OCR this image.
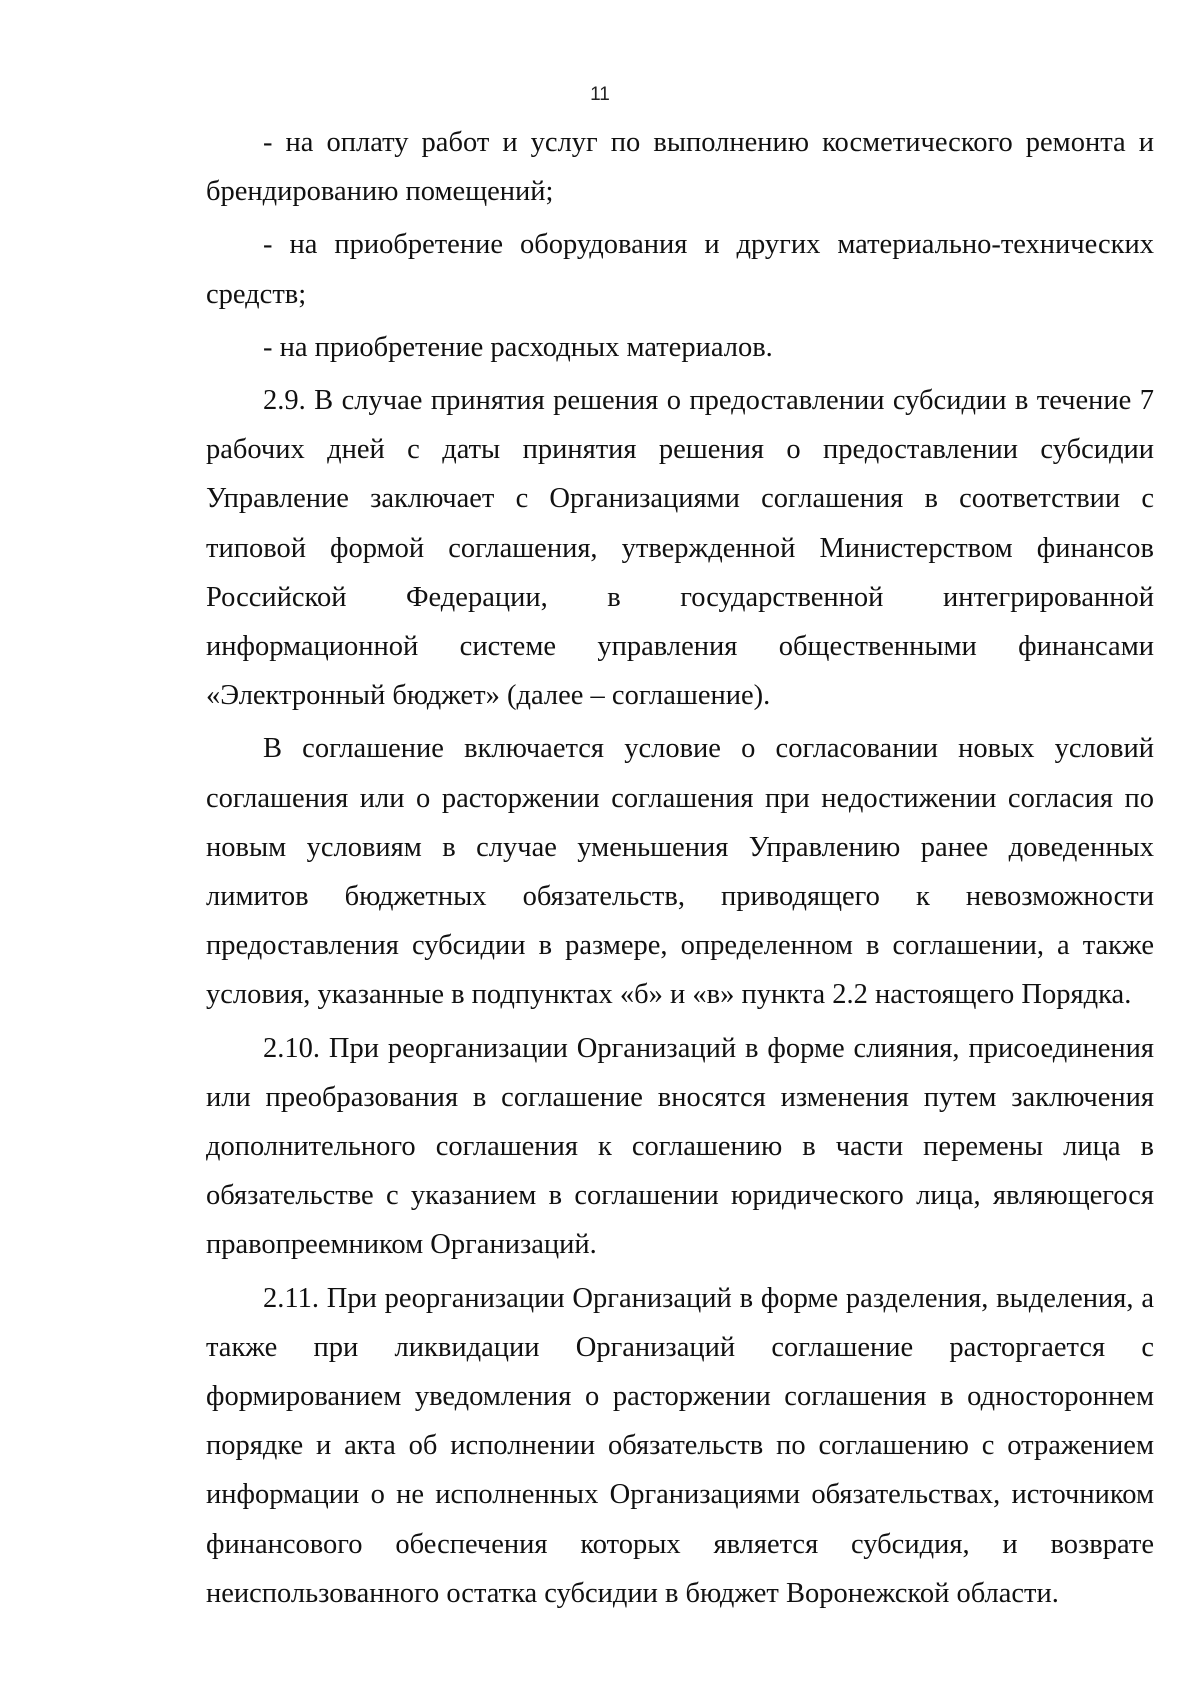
11

- на оплату работ и услуг по выполнению косметического ремонта и брендированию помещений;

- на приобретение оборудования и других материально-технических средств;

- на приобретение расходных материалов.

2.9. В случае принятия решения о предоставлении субсидии в течение 7 рабочих дней с даты принятия решения о предоставлении субсидии Управление заключает с Организациями соглашения в соответствии с типовой формой соглашения, утвержденной Министерством финансов Российской Федерации, в государственной интегрированной информационной системе управления общественными финансами «Электронный бюджет» (далее – соглашение).

В соглашение включается условие о согласовании новых условий соглашения или о расторжении соглашения при недостижении согласия по новым условиям в случае уменьшения Управлению ранее доведенных лимитов бюджетных обязательств, приводящего к невозможности предоставления субсидии в размере, определенном в соглашении, а также условия, указанные в подпунктах «б» и «в» пункта 2.2 настоящего Порядка.

2.10. При реорганизации Организаций в форме слияния, присоединения или преобразования в соглашение вносятся изменения путем заключения дополнительного соглашения к соглашению в части перемены лица в обязательстве с указанием в соглашении юридического лица, являющегося правопреемником Организаций.

2.11. При реорганизации Организаций в форме разделения, выделения, а также при ликвидации Организаций соглашение расторгается с формированием уведомления о расторжении соглашения в одностороннем порядке и акта об исполнении обязательств по соглашению с отражением информации о не исполненных Организациями обязательствах, источником финансового обеспечения которых является субсидия, и возврате неиспользованного остатка субсидии в бюджет Воронежской области.
